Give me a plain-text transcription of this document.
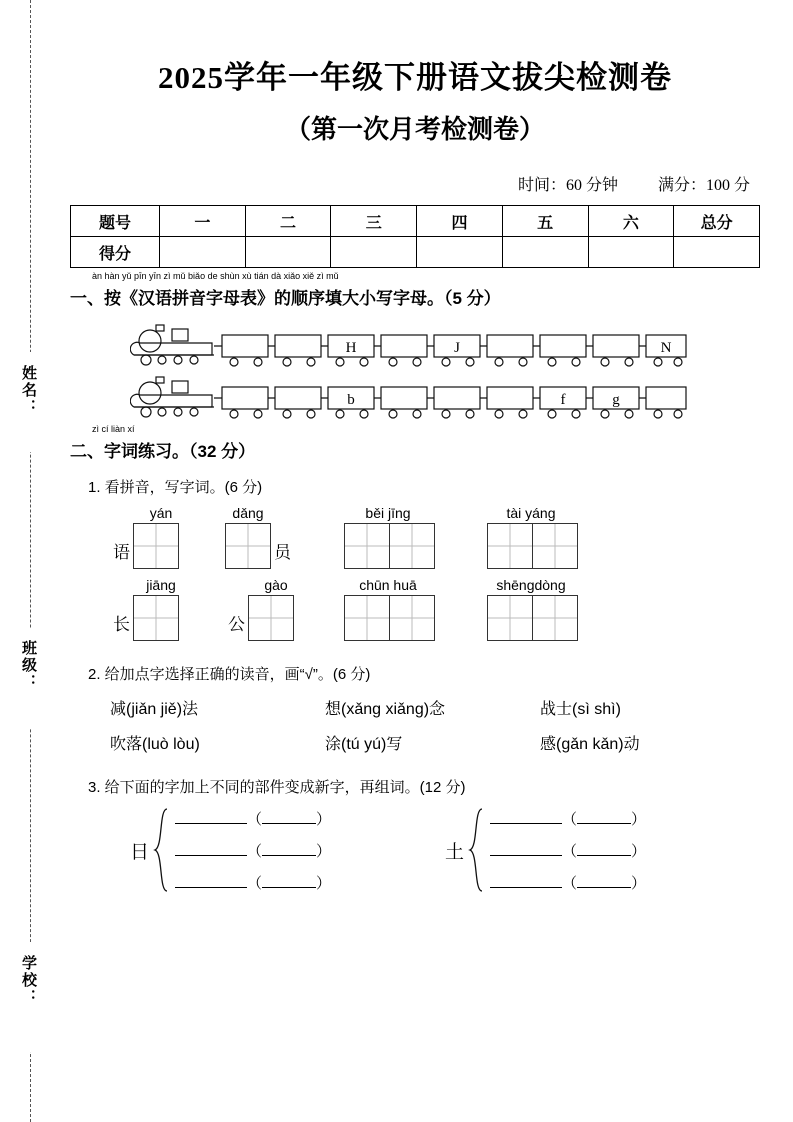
姓名：
班级：
学校：
2025学年一年级下册语文拔尖检测卷
（第一次月考检测卷）
时间：60 分钟	满分：100 分
题号	一	二	三	四	五	六	总分
得分							
àn hàn yǔ pīn yīn zì mǔ biǎo de shùn xù tián dà xiǎo xiě zì mǔ
一、按《汉语拼音字母表》的顺序填大小写字母。（5 分）

H
	J

	N

b

	f	g

zì cí liàn xí
二、字词练习。（32 分）
1. 看拼音，写字词。(6 分)
yán
语
dǎng
员
běi jīng	tài yáng
jiāng
长
gào
公
chūn huā	shēngdòng
2. 给加点字选择正确的读音，画“√”。(6 分)
减(jiǎn jiě)法	想(xǎng xiǎng)念	战士(sì shì)
吹落(luò lòu)	涂(tú yú)写	感(gǎn kǎn)动
3. 给下面的字加上不同的部件变成新字，再组词。(12 分)
日
（	）
（	）
（	）
土
（	）
（	）
（	）
